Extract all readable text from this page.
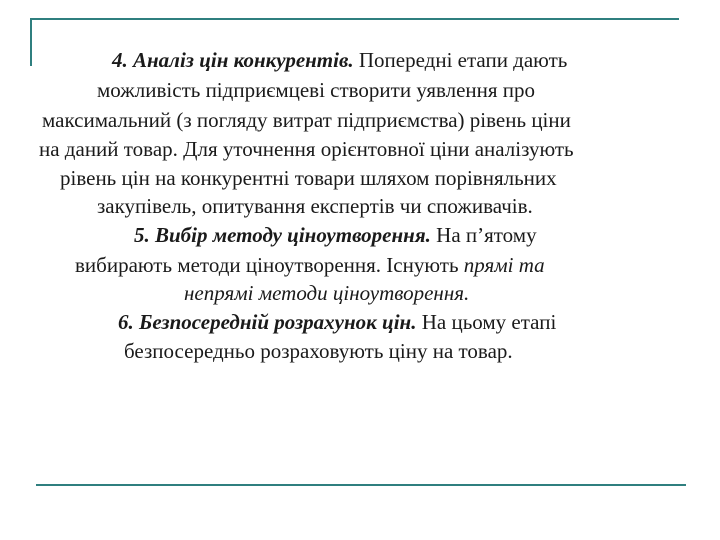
4. Аналіз цін конкурентів. Попередні етапи дають
можливість підприємцеві створити уявлення про
максимальний (з погляду витрат підприємства) рівень ціни
на даний товар. Для уточнення орієнтовної ціни аналізують
рівень цін на конкурентні товари шляхом порівняльних
закупівель, опитування експертів чи споживачів.
5. Вибір методу ціноутворення. На п’ятому
вибирають методи ціноутворення. Існують прямі та
непрямі методи ціноутворення.
6. Безпосередній розрахунок цін. На цьому етапі
безпосередньо розраховують ціну на товар.
